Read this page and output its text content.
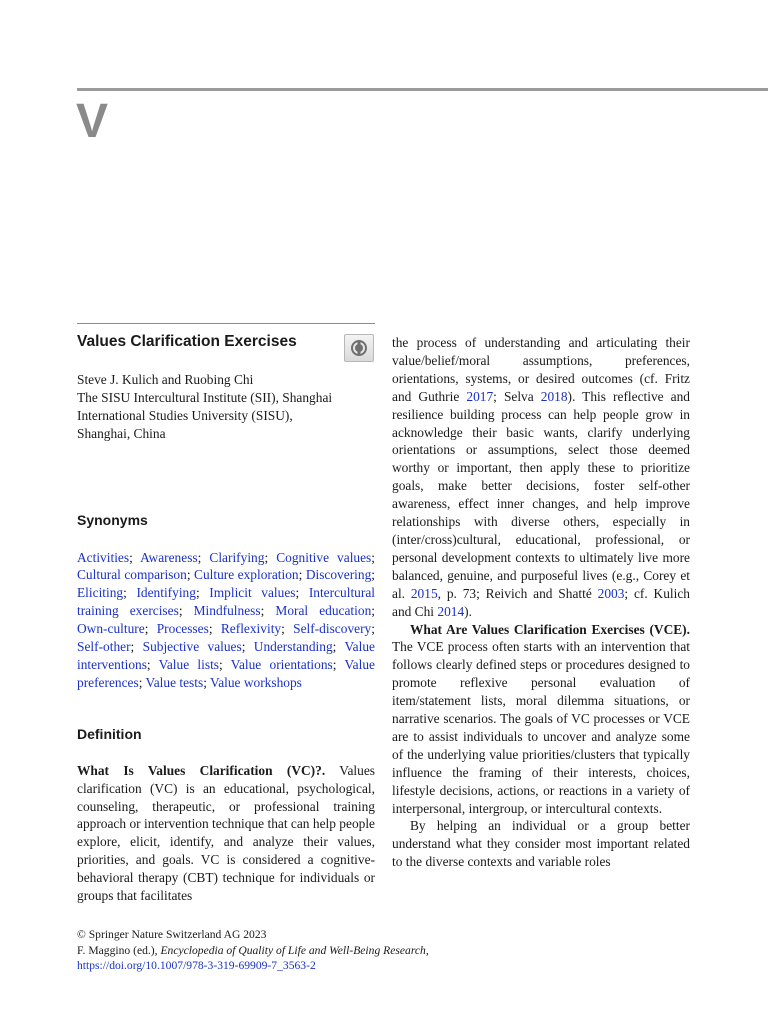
V
Values Clarification Exercises
Steve J. Kulich and Ruobing Chi
The SISU Intercultural Institute (SII), Shanghai
International Studies University (SISU),
Shanghai, China
Synonyms
Activities; Awareness; Clarifying; Cognitive values; Cultural comparison; Culture exploration; Discovering; Eliciting; Identifying; Implicit values; Intercultural training exercises; Mindfulness; Moral education; Own-culture; Processes; Reflexivity; Self-discovery; Self-other; Subjective values; Understanding; Value interventions; Value lists; Value orientations; Value preferences; Value tests; Value workshops
Definition
What Is Values Clarification (VC)?. Values clarification (VC) is an educational, psychological, counseling, therapeutic, or professional training approach or intervention technique that can help people explore, elicit, identify, and analyze their values, priorities, and goals. VC is considered a cognitive-behavioral therapy (CBT) technique for individuals or groups that facilitates
the process of understanding and articulating their value/belief/moral assumptions, preferences, orientations, systems, or desired outcomes (cf. Fritz and Guthrie 2017; Selva 2018). This reflective and resilience building process can help people grow in acknowledge their basic wants, clarify underlying orientations or assumptions, select those deemed worthy or important, then apply these to prioritize goals, make better decisions, foster self-other awareness, effect inner changes, and help improve relationships with diverse others, especially in (inter/cross)cultural, educational, professional, or personal development contexts to ultimately live more balanced, genuine, and purposeful lives (e.g., Corey et al. 2015, p. 73; Reivich and Shatté 2003; cf. Kulich and Chi 2014).
What Are Values Clarification Exercises (VCE). The VCE process often starts with an intervention that follows clearly defined steps or procedures designed to promote reflexive personal evaluation of item/statement lists, moral dilemma situations, or narrative scenarios. The goals of VC processes or VCE are to assist individuals to uncover and analyze some of the underlying value priorities/clusters that typically influence the framing of their interests, choices, lifestyle decisions, actions, or reactions in a variety of interpersonal, intergroup, or intercultural contexts.
By helping an individual or a group better understand what they consider most important related to the diverse contexts and variable roles
© Springer Nature Switzerland AG 2023
F. Maggino (ed.), Encyclopedia of Quality of Life and Well-Being Research,
https://doi.org/10.1007/978-3-319-69909-7_3563-2
